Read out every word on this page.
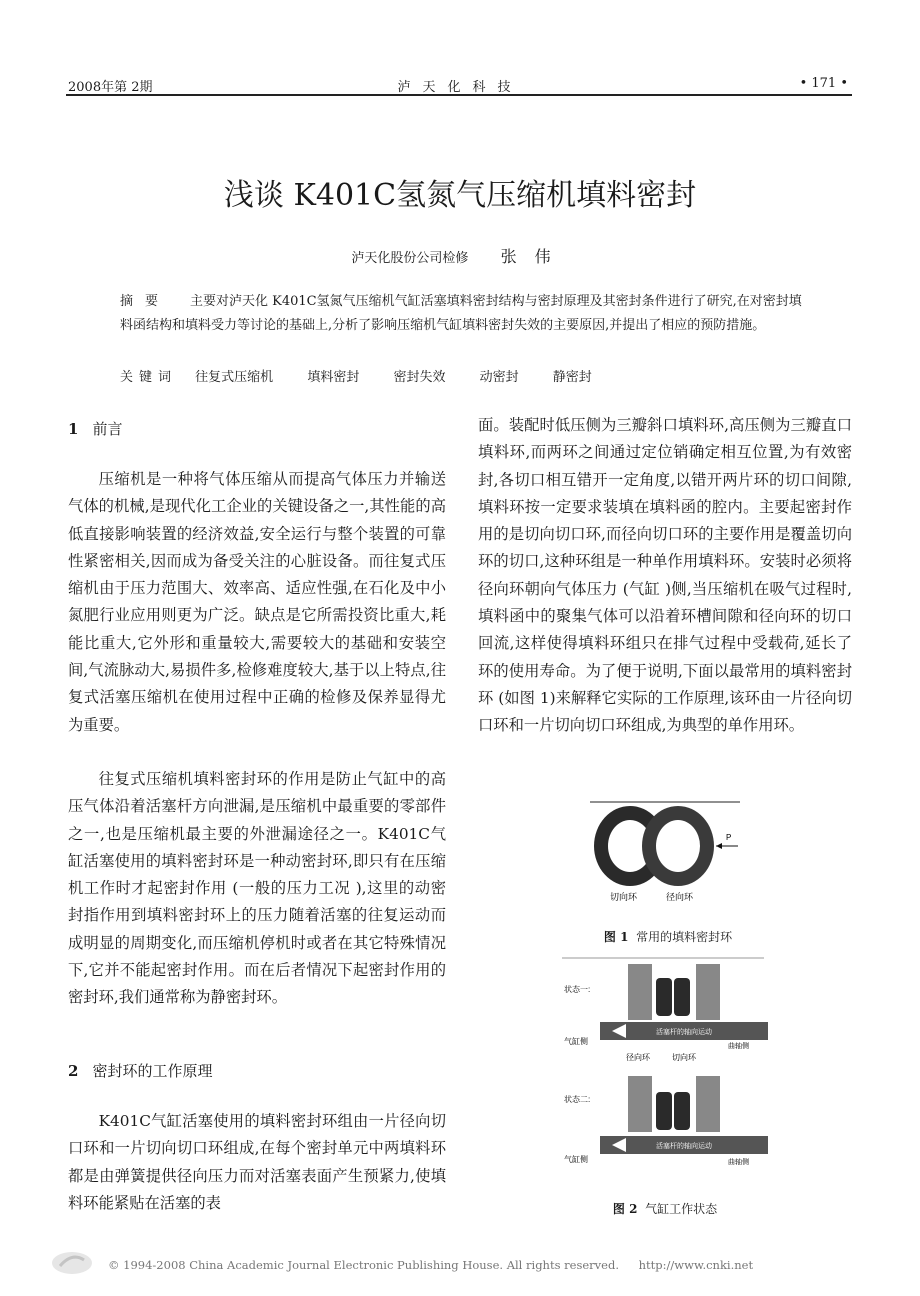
2008年第 2期	泸天化科技	• 171 •
浅谈 K401C氢氮气压缩机填料密封
泸天化股份公司检修 张伟
摘要 主要对泸天化 K401C氢氮气压缩机气缸活塞填料密封结构与密封原理及其密封条件进行了研究,在对密封填料函结构和填料受力等讨论的基础上,分析了影响压缩机气缸填料密封失效的主要原因,并提出了相应的预防措施。
关键词 往复式压缩机	填料密封	密封失效	动密封	静密封
1 前言
压缩机是一种将气体压缩从而提高气体压力并输送气体的机械,是现代化工企业的关键设备之一,其性能的高低直接影响装置的经济效益,安全运行与整个装置的可靠性紧密相关,因而成为备受关注的心脏设备。而往复式压缩机由于压力范围大、效率高、适应性强,在石化及中小氮肥行业应用则更为广泛。缺点是它所需投资比重大,耗能比重大,它外形和重量较大,需要较大的基础和安装空间,气流脉动大,易损件多,检修难度较大,基于以上特点,往复式活塞压缩机在使用过程中正确的检修及保养显得尤为重要。
往复式压缩机填料密封环的作用是防止气缸中的高压气体沿着活塞杆方向泄漏,是压缩机中最重要的零部件之一,也是压缩机最主要的外泄漏途径之一。K401C气缸活塞使用的填料密封环是一种动密封环,即只有在压缩机工作时才起密封作用 (一般的压力工况 ),这里的动密封指作用到填料密封环上的压力随着活塞的往复运动而成明显的周期变化,而压缩机停机时或者在其它特殊情况下,它并不能起密封作用。而在后者情况下起密封作用的密封环,我们通常称为静密封环。
2 密封环的工作原理
K401C气缸活塞使用的填料密封环组由一片径向切口环和一片切向切口环组成,在每个密封单元中两填料环都是由弹簧提供径向压力而对活塞表面产生预紧力,使填料环能紧贴在活塞的表
面。装配时低压侧为三瓣斜口填料环,高压侧为三瓣直口填料环,而两环之间通过定位销确定相互位置,为有效密封,各切口相互错开一定角度,以错开两片环的切口间隙,填料环按一定要求装填在填料函的腔内。主要起密封作用的是切向切口环,而径向切口环的主要作用是覆盖切向环的切口,这种环组是一种单作用填料环。安装时必须将径向环朝向气体压力 (气缸 )侧,当压缩机在吸气过程时,填料函中的聚集气体可以沿着环槽间隙和径向环的切口回流,这样使得填料环组只在排气过程中受载荷,延长了环的使用寿命。为了便于说明,下面以最常用的填料密封环 (如图 1)来解释它实际的工作原理,该环由一片径向切口环和一片切向切口环组成,为典型的单作用环。
P
切向环	径向环
图 1 常用的填料密封环
状态一:
活塞杆的轴向运动
气缸侧
曲轴侧
径向环	切向环
状态二:
活塞杆的轴向运动
气缸侧	曲轴侧
图 2 气缸工作状态
© 1994-2008 China Academic Journal Electronic Publishing House. All rights reserved. http://www.cnki.net
